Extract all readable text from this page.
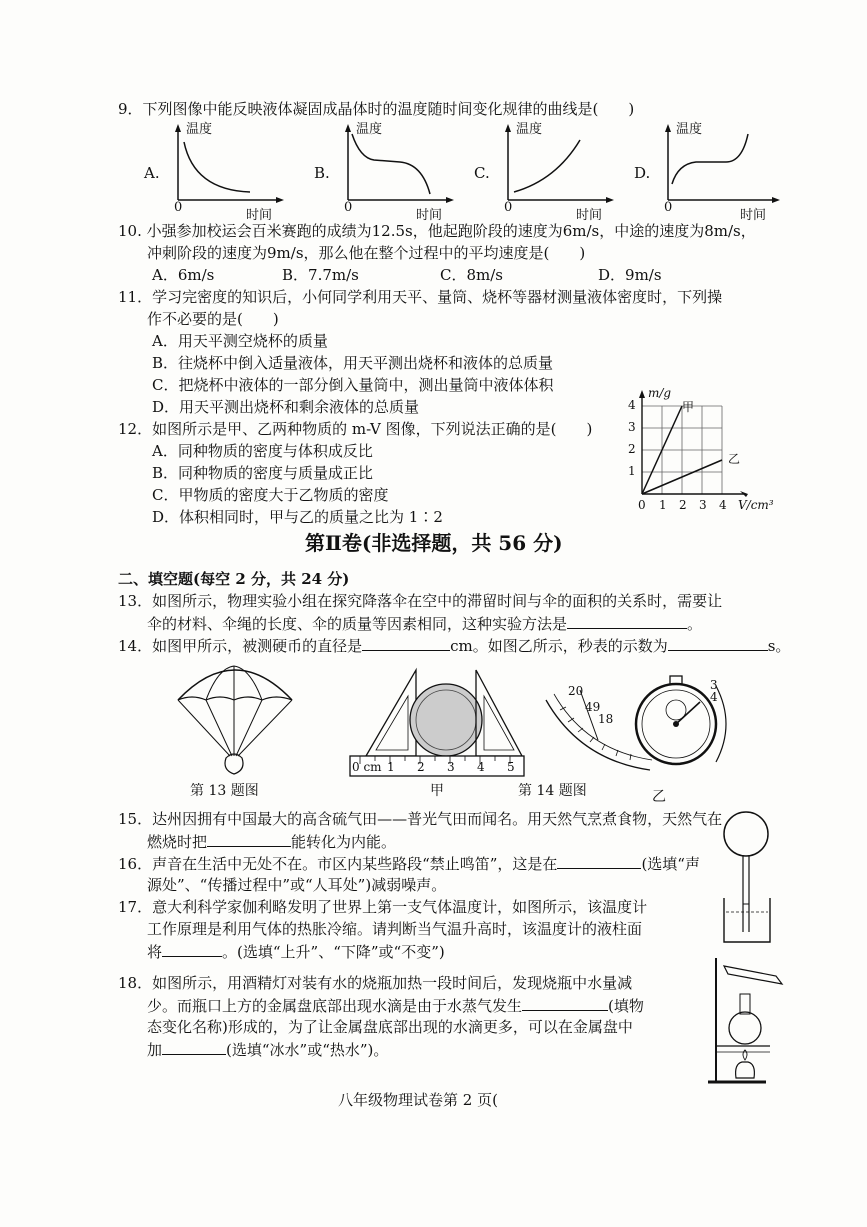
9．下列图像中能反映液体凝固成晶体时的温度随时间变化规律的曲线是(　　)
A.
温度
0
时间
B.
温度
0
时间
C.
温度
0
时间
D.
温度
0
时间
10. 小强参加校运会百米赛跑的成绩为12.5s，他起跑阶段的速度为6m/s，中途的速度为8m/s，
冲刺阶段的速度为9m/s，那么他在整个过程中的平均速度是(　　)
A．6m/s	B．7.7m/s	C．8m/s	D．9m/s
11．学习完密度的知识后，小何同学利用天平、量筒、烧杯等器材测量液体密度时，下列操
作不必要的是(　　)
A．用天平测空烧杯的质量
B．往烧杯中倒入适量液体，用天平测出烧杯和液体的总质量
C．把烧杯中液体的一部分倒入量筒中，测出量筒中液体体积
D．用天平测出烧杯和剩余液体的总质量
12．如图所示是甲、乙两种物质的 m-V 图像，下列说法正确的是(　　)
A．同种物质的密度与体积成反比
B．同种物质的密度与质量成正比
C．甲物质的密度大于乙物质的密度
D．体积相同时，甲与乙的质量之比为 1∶2
m/g
甲
乙
1
2
3
4
0 1 2 3 4 V/cm³
第Ⅱ卷(非选择题，共 56 分)
二、填空题(每空 2 分，共 24 分)
13．如图所示，物理实验小组在探究降落伞在空中的滞留时间与伞的面积的关系时，需要让
伞的材料、伞绳的长度、伞的质量等因素相同，这种实验方法是	。
14．如图甲所示，被测硬币的直径是	cm。如图乙所示，秒表的示数为	s。
第 13 题图
0 cm 1 2 3 4 5
甲	第 14 题图
20
49
18
3
4
乙
15．达州因拥有中国最大的高含硫气田——普光气田而闻名。用天然气烹煮食物，天然气在
燃烧时把	能转化为内能。
16．声音在生活中无处不在。市区内某些路段“禁止鸣笛”，这是在	(选填“声
源处”、“传播过程中”或“人耳处”)减弱噪声。
17．意大利科学家伽利略发明了世界上第一支气体温度计，如图所示，该温度计
工作原理是利用气体的热胀冷缩。请判断当气温升高时，该温度计的液柱面
将	。(选填“上升”、“下降”或“不变”)
18．如图所示，用酒精灯对装有水的烧瓶加热一段时间后，发现烧瓶中水量减
少。而瓶口上方的金属盘底部出现水滴是由于水蒸气发生	(填物
态变化名称)形成的，为了让金属盘底部出现的水滴更多，可以在金属盘中
加	(选填“冰水”或“热水”)。
八年级物理试卷第 2 页(
